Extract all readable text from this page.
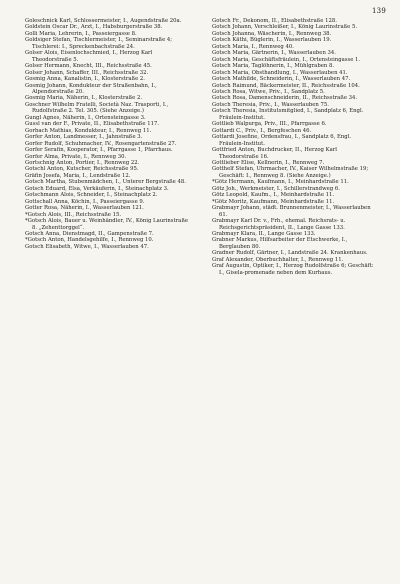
139

Goleschnick Karl, Schlossermeister, I., Augendstraße 20a.

Goldstein Oscar Dr., Arzt, I., Habsburgerstraße 38.

Golli Maria, Lehrerin, I., Passeiergasse 8.

Goldsiger Stefan, Tischlermeister, I., Seminarstraße 4; Tischlerei: I., Spreckenbachstraße 24.

Golser Alois, Eisenlochschmied, I., Herzog Karl Theodorstraße 5.

Golser Hermann, Knecht, III., Reichsstraße 45.

Golser Johann, Schaffer, III., Reichsstraße 32.

Gosmig Anna, Kanalistin, I., Klosterstraße 2.

Gosmig Johann, Kondukteur der Straßenbahn, I., Alpendorstraße 20.

Gosmig Maria, Näherin, I., Klosterstraße 2.

Goschner Wilhelm Fratelli, Società Naz. Trasporti, I., Rudolfstraße 2. Tel. 305. (Siehe Anzeige.)

Gungl Agnes, Näherin, I., Ortensteingasse 3.

Gussl van der F., Private, II., Elisabethstraße 117.

Gorbach Mathias, Kondukteur, I., Rennweg 11.

Gorfer Anton, Landmesser, I., Jahnstraße 3.

Gorfer Rudolf, Schuhmacher, IV., Rosengartenstraße 27.

Gorfer Serafin, Kooperator, I., Pfarrgasse 1, Pfarrhaus.

Gorfer Alma, Private, I., Rennweg 30.

Gortschnig Anton, Portier, I., Rennweg 22.

Gotschl Anton, Kutscher, Reichsstraße 95.

Gräfin Josefa, Maria, I., Lendstraße 12.

Gotsch Martha, Stubenmädchen, I., Unterer Bergstraße 48.

Gotsch Eduard, Elsa, Verkäuferin, I., Steinachplatz 3.

Gotschmann Alois, Schneider, I., Steinachplatz 2.

Gottschall Anna, Köchin, I., Passeiergasse 9.

Gotter Rosa, Näherin, I., Wasserlauben 121.

*Gotsch Alois, III., Reichsstraße 15.

*Gotsch Alois, Bauer u. Weinhändler, IV., König Laurinstraße 8. „Zehenttorggel“.

Gotsch Anna, Dienstmagd, II., Gampenstraße 7.

*Gotsch Anton, Handelsgehilfe, I., Rennweg 10.

Gotsch Elisabeth, Witwe, I., Wasserlauben 47.

Gotsch Fr., Dekonom, II., Elisabethstraße 128.

Gotsch Johann, Verschleißer, I., König Laurinstraße 5.

Gotsch Johanna, Wäscherin, I., Rennweg 38.

Gotsch Käthi, Büglerin, I., Wasserlauben 19.

Gotsch Maria, I., Rennweg 40.

Gotsch Maria, Gärtnerin, I., Wasserlauben 34.

Gotsch Maria, Geschäftsfräulein, I., Ortensteingasse 1.

Gotsch Maria, Taglöhnerin, I., Mühlgraben 8.

Gotsch Maria, Obsthandlung, I., Wasserlauben 41.

Gotsch Mathilde, Schneiderin, I., Wasserlauben 47.

Gotsch Raimund, Bäckermeister, II., Reichsstraße 104.

Gotsch Rosa, Witwe, Priv., I., Sandplatz 5.

Gotsch Rosa, Damenschneiderin, II., Reichsstraße 34.

Gotsch Theresia, Priv., I., Wasserlauben 75.

Gotsch Theresia, Institutsmitglied, I., Sandplatz 6, Engl. Fräulein-Institut.

Gottlieb Walpurga, Priv., III., Pfarrgasse 6.

Gottardi C., Priv., I., Bergfeschen 46.

Gottardi Josefine, Ordensfrau, I., Sandplatz 6, Engl. Fräulein-Institut.

Gottfried Anton, Buchdrucker, II., Herzog Karl Theodorstraße 16.

Gottlieber Elise, Kellnerin, I., Rennweg 7.

Gotthelf Stefan, Uhrmacher, IV., Kaiser Wilhelmstraße 19; Geschäft: I., Rennweg 8. (Siehe Anzeige.)

*Götz Hermann, Kaufmann, I., Meinhardstraße 11.

Götz Joh., Werkmeister, I., Schillerstrandweg 6.

Götz Leopold, Kaufm., I., Meinhardstraße 11.

*Götz Moritz, Kaufmann, Meinhardstraße 11.

Grabmayr Johann, städt. Brunnenmeister, I., Wasserlauben 61.

Grabmayr Karl Dr. v., Frh., ehemal. Reichsrats- u. Reichsgerichtspräsident, II., Lange Gasse 133.

Grabmayr Klara, II., Lange Gasse 133.

Grabner Markus, Hilfsarbeiter der Etschwerke, I., Berglauben 80.

Gradner Rudolf, Gärtner, I., Landstraße 24. Krankenhaus.

Graf Alexander, Oberbuchhalter, I., Rennweg 11.

Graf Augustin, Optiker, I., Herzog Rudolfstraße 6; Geschäft: I., Gisela-promenade neben dem Kurhaus.
